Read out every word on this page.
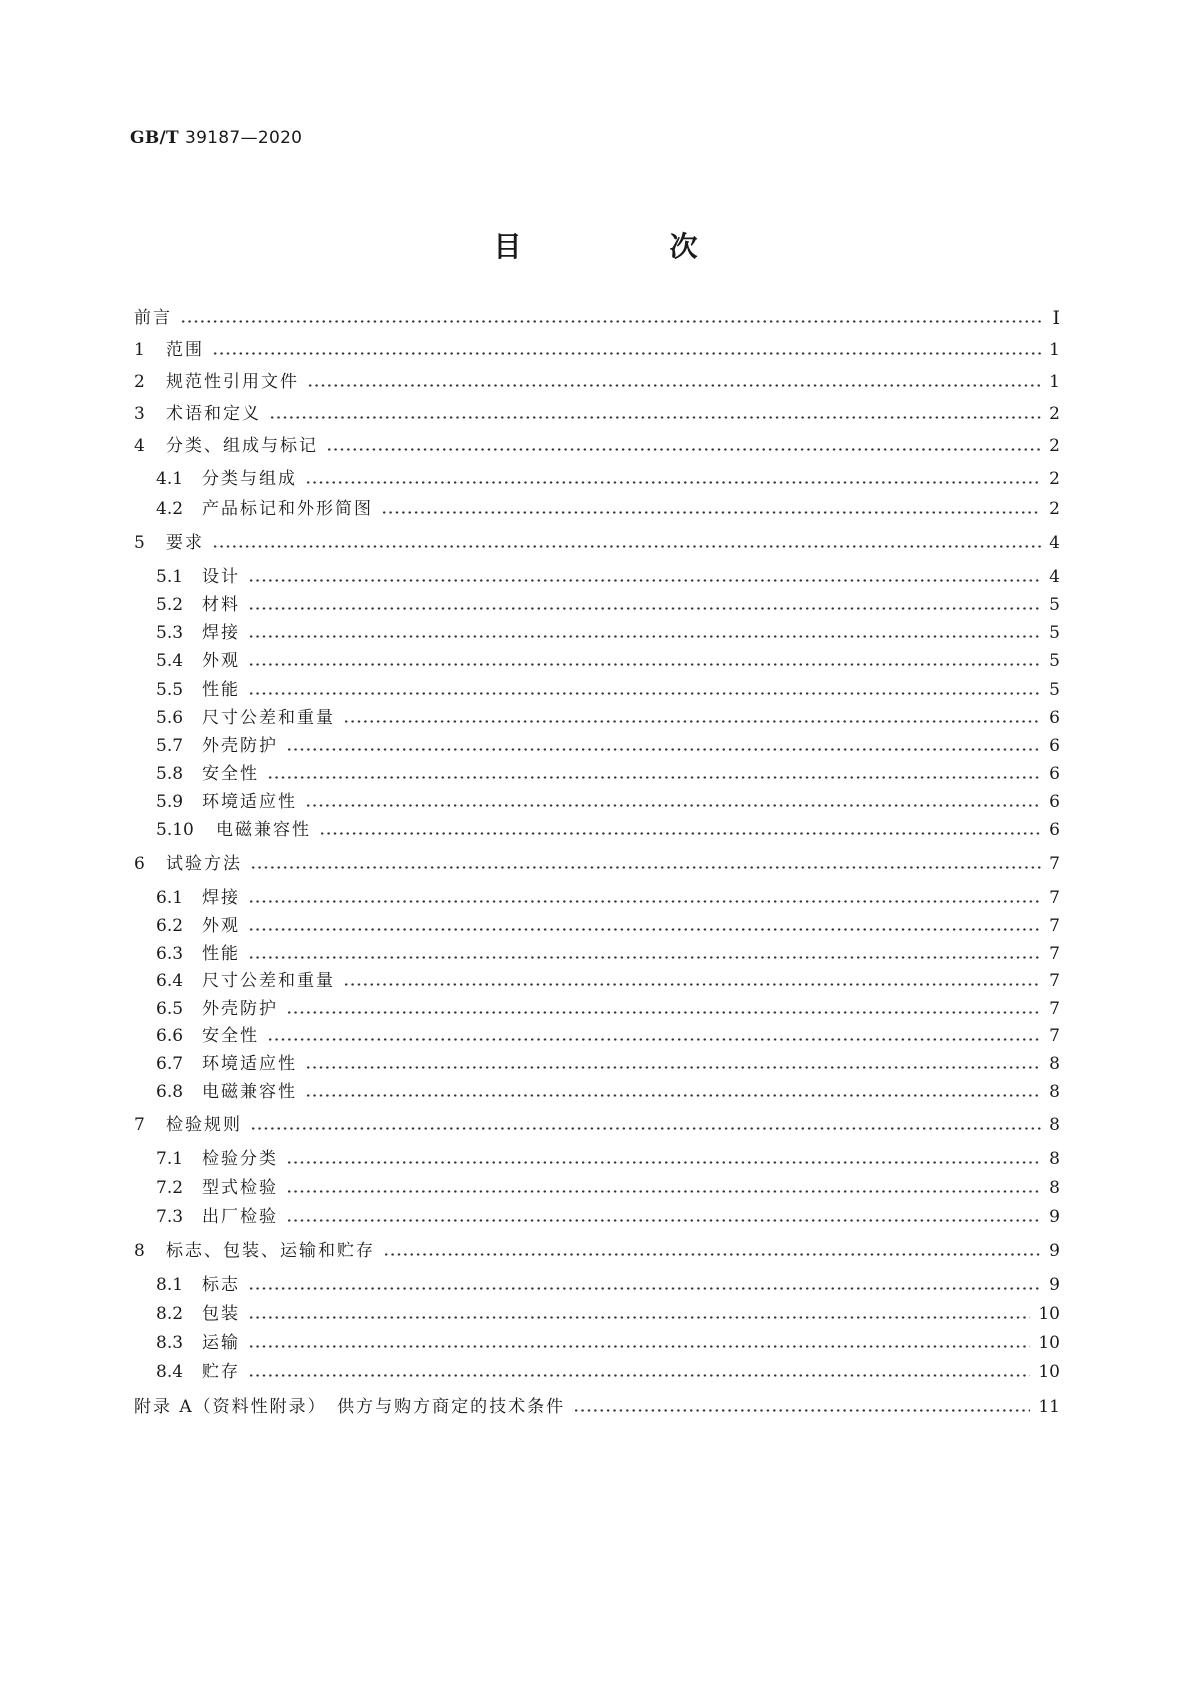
GB/T 39187—2020
目　次
前言	Ⅰ
1	范围	1
2	规范性引用文件	1
3	术语和定义	2
4	分类、组成与标记	2
4.1	分类与组成	2
4.2	产品标记和外形简图	2
5	要求	4
5.1	设计	4
5.2	材料	5
5.3	焊接	5
5.4	外观	5
5.5	性能	5
5.6	尺寸公差和重量	6
5.7	外壳防护	6
5.8	安全性	6
5.9	环境适应性	6
5.10	电磁兼容性	6
6	试验方法	7
6.1	焊接	7
6.2	外观	7
6.3	性能	7
6.4	尺寸公差和重量	7
6.5	外壳防护	7
6.6	安全性	7
6.7	环境适应性	8
6.8	电磁兼容性	8
7	检验规则	8
7.1	检验分类	8
7.2	型式检验	8
7.3	出厂检验	9
8	标志、包装、运输和贮存	9
8.1	标志	9
8.2	包装	10
8.3	运输	10
8.4	贮存	10
附录 A（资料性附录）　供方与购方商定的技术条件	11
